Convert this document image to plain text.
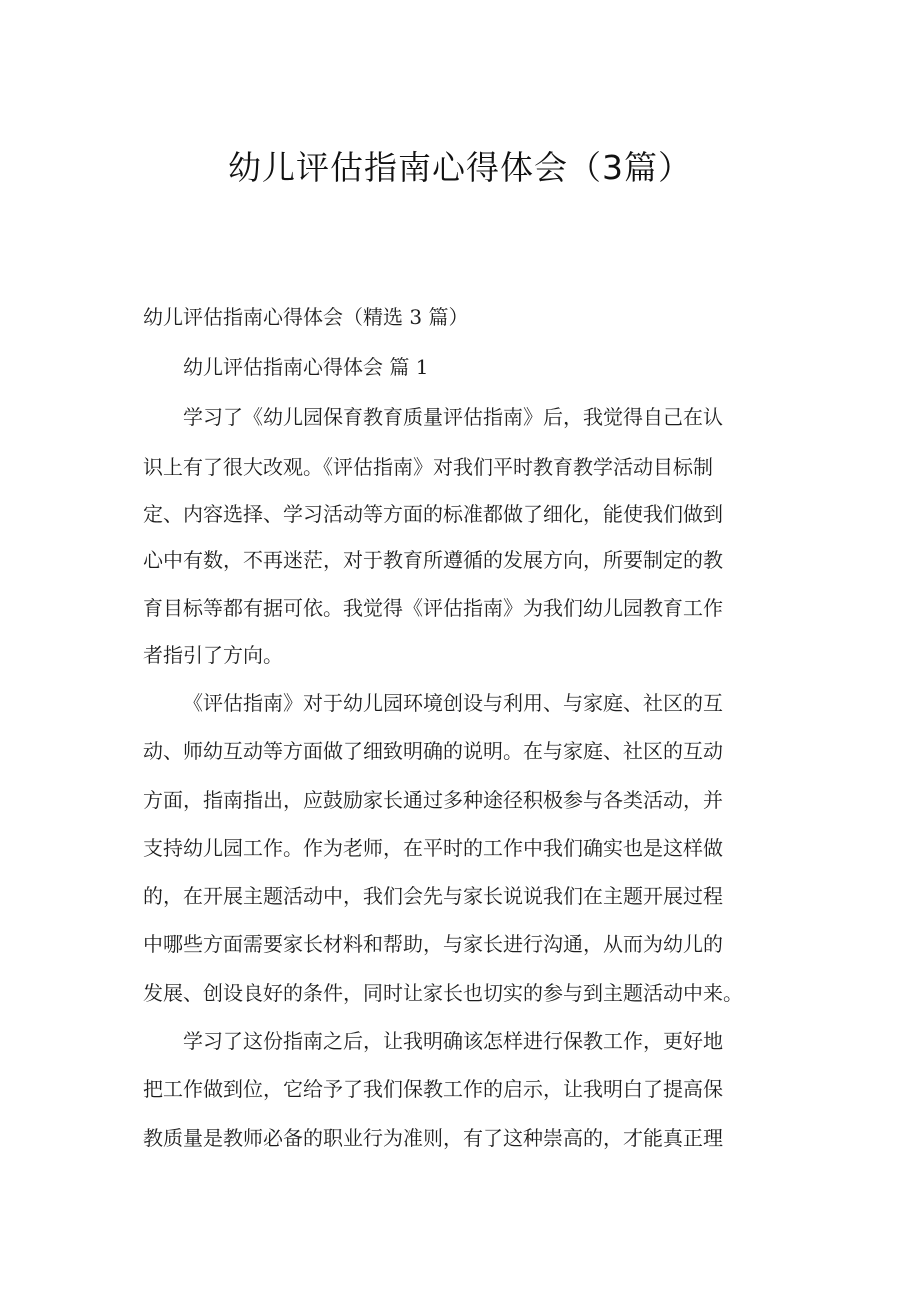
幼儿评估指南心得体会（3篇）
幼儿评估指南心得体会（精选 3 篇）
幼儿评估指南心得体会 篇 1
学习了《幼儿园保育教育质量评估指南》后，我觉得自己在认
识上有了很大改观。《评估指南》对我们平时教育教学活动目标制
定、内容选择、学习活动等方面的标准都做了细化，能使我们做到
心中有数，不再迷茫，对于教育所遵循的发展方向，所要制定的教
育目标等都有据可依。我觉得《评估指南》为我们幼儿园教育工作
者指引了方向。
《评估指南》对于幼儿园环境创设与利用、与家庭、社区的互
动、师幼互动等方面做了细致明确的说明。在与家庭、社区的互动
方面，指南指出，应鼓励家长通过多种途径积极参与各类活动，并
支持幼儿园工作。作为老师，在平时的工作中我们确实也是这样做
的，在开展主题活动中，我们会先与家长说说我们在主题开展过程
中哪些方面需要家长材料和帮助，与家长进行沟通，从而为幼儿的
发展、创设良好的条件，同时让家长也切实的参与到主题活动中来。
学习了这份指南之后，让我明确该怎样进行保教工作，更好地
把工作做到位，它给予了我们保教工作的启示，让我明白了提高保
教质量是教师必备的职业行为准则，有了这种崇高的，才能真正理
